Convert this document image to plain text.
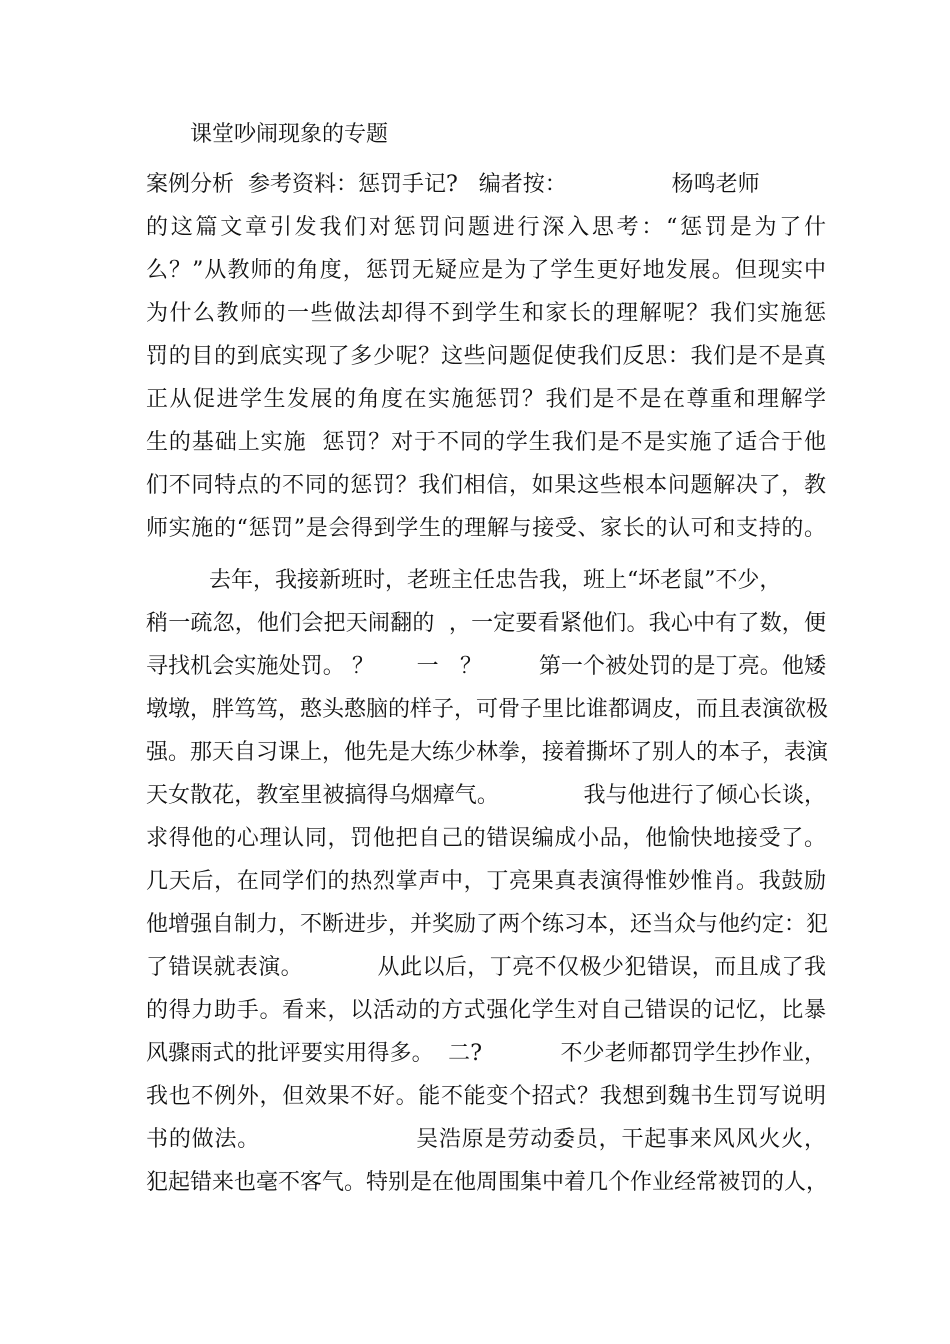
课堂吵闹现象的专题
案例分析  参考资料：惩罚手记?   编者按：               杨鸣老师
的这篇文章引发我们对惩罚问题进行深入思考：“惩罚是为了什
么？”从教师的角度，惩罚无疑应是为了学生更好地发展。但现实中
为什么教师的一些做法却得不到学生和家长的理解呢？我们实施惩
罚的目的到底实现了多少呢？这些问题促使我们反思：我们是不是真
正从促进学生发展的角度在实施惩罚？我们是不是在尊重和理解学
生的基础上实施  惩罚？对于不同的学生我们是不是实施了适合于他
们不同特点的不同的惩罚？我们相信，如果这些根本问题解决了，教
师实施的“惩罚”是会得到学生的理解与接受、家长的认可和支持的。
去年，我接新班时，老班主任忠告我，班上“坏老鼠”不少，
稍一疏忽，他们会把天闹翻的  ，一定要看紧他们。我心中有了数，便
寻找机会实施处罚。 ？      一   ？        第一个被处罚的是丁亮。他矮
墩墩，胖笃笃，憨头憨脑的样子，可骨子里比谁都调皮，而且表演欲极
强。那天自习课上，他先是大练少林拳，接着撕坏了别人的本子，表演
天女散花，教室里被搞得乌烟瘴气。            我与他进行了倾心长谈，
求得他的心理认同，罚他把自己的错误编成小品，他愉快地接受了。
几天后，在同学们的热烈掌声中，丁亮果真表演得惟妙惟肖。我鼓励
他增强自制力，不断进步，并奖励了两个练习本，还当众与他约定：犯
了错误就表演。          从此以后，丁亮不仅极少犯错误，而且成了我
的得力助手。看来，以活动的方式强化学生对自己错误的记忆，比暴
风骤雨式的批评要实用得多。  二?           不少老师都罚学生抄作业，
我也不例外，但效果不好。能不能变个招式？我想到魏书生罚写说明
书的做法。                    吴浩原是劳动委员，干起事来风风火火，
犯起错来也毫不客气。特别是在他周围集中着几个作业经常被罚的人，
